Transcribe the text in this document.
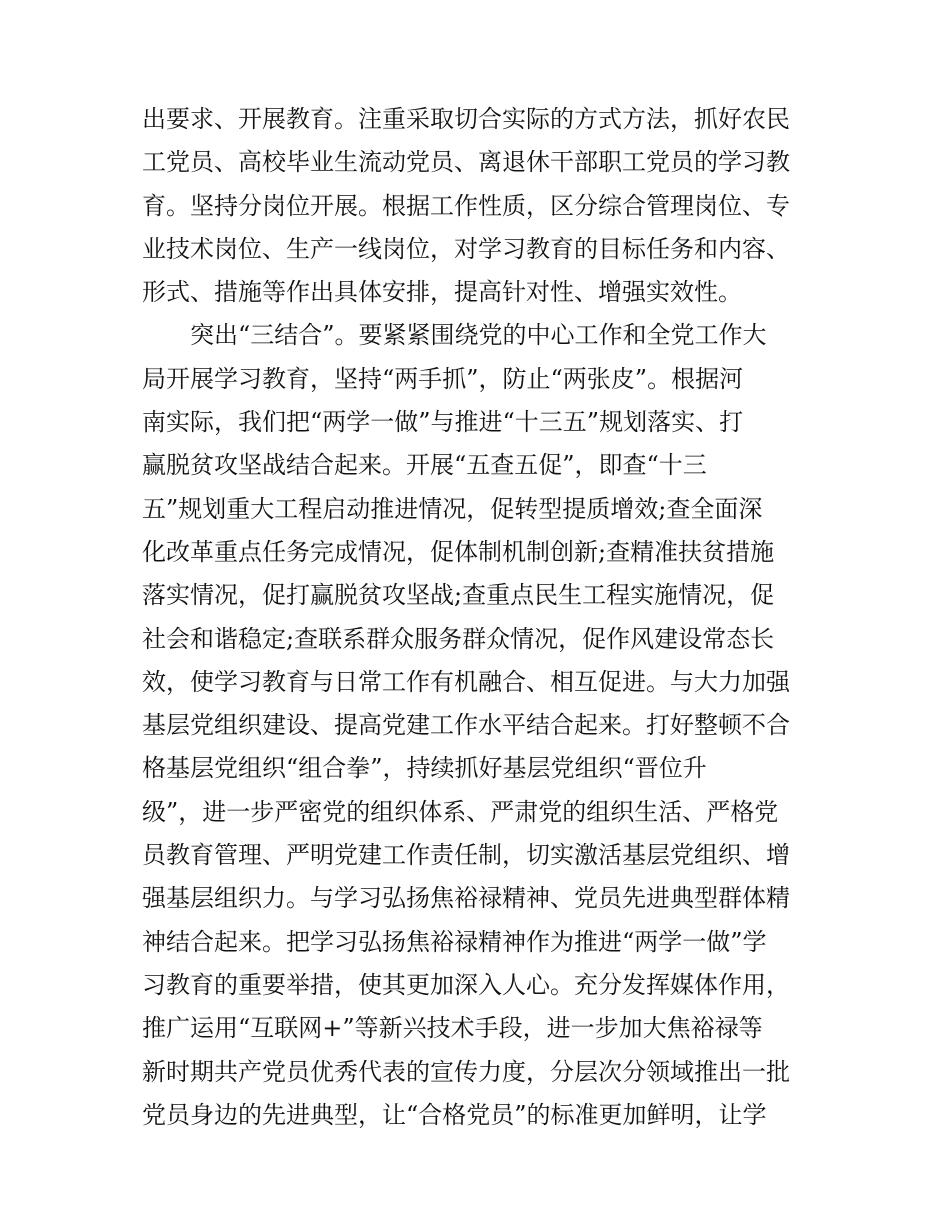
出要求、开展教育。注重采取切合实际的方式方法，抓好农民
工党员、高校毕业生流动党员、离退休干部职工党员的学习教
育。坚持分岗位开展。根据工作性质，区分综合管理岗位、专
业技术岗位、生产一线岗位，对学习教育的目标任务和内容、
形式、措施等作出具体安排，提高针对性、增强实效性。
突出“三结合”。要紧紧围绕党的中心工作和全党工作大
局开展学习教育，坚持“两手抓”，防止“两张皮”。根据河
南实际，我们把“两学一做”与推进“十三五”规划落实、打
赢脱贫攻坚战结合起来。开展“五查五促”，即查“十三
五”规划重大工程启动推进情况，促转型提质增效;查全面深
化改革重点任务完成情况，促体制机制创新;查精准扶贫措施
落实情况，促打赢脱贫攻坚战;查重点民生工程实施情况，促
社会和谐稳定;查联系群众服务群众情况，促作风建设常态长
效，使学习教育与日常工作有机融合、相互促进。与大力加强
基层党组织建设、提高党建工作水平结合起来。打好整顿不合
格基层党组织“组合拳”，持续抓好基层党组织“晋位升
级”，进一步严密党的组织体系、严肃党的组织生活、严格党
员教育管理、严明党建工作责任制，切实激活基层党组织、增
强基层组织力。与学习弘扬焦裕禄精神、党员先进典型群体精
神结合起来。把学习弘扬焦裕禄精神作为推进“两学一做”学
习教育的重要举措，使其更加深入人心。充分发挥媒体作用，
推广运用“互联网+”等新兴技术手段，进一步加大焦裕禄等
新时期共产党员优秀代表的宣传力度，分层次分领域推出一批
党员身边的先进典型，让“合格党员”的标准更加鲜明，让学
